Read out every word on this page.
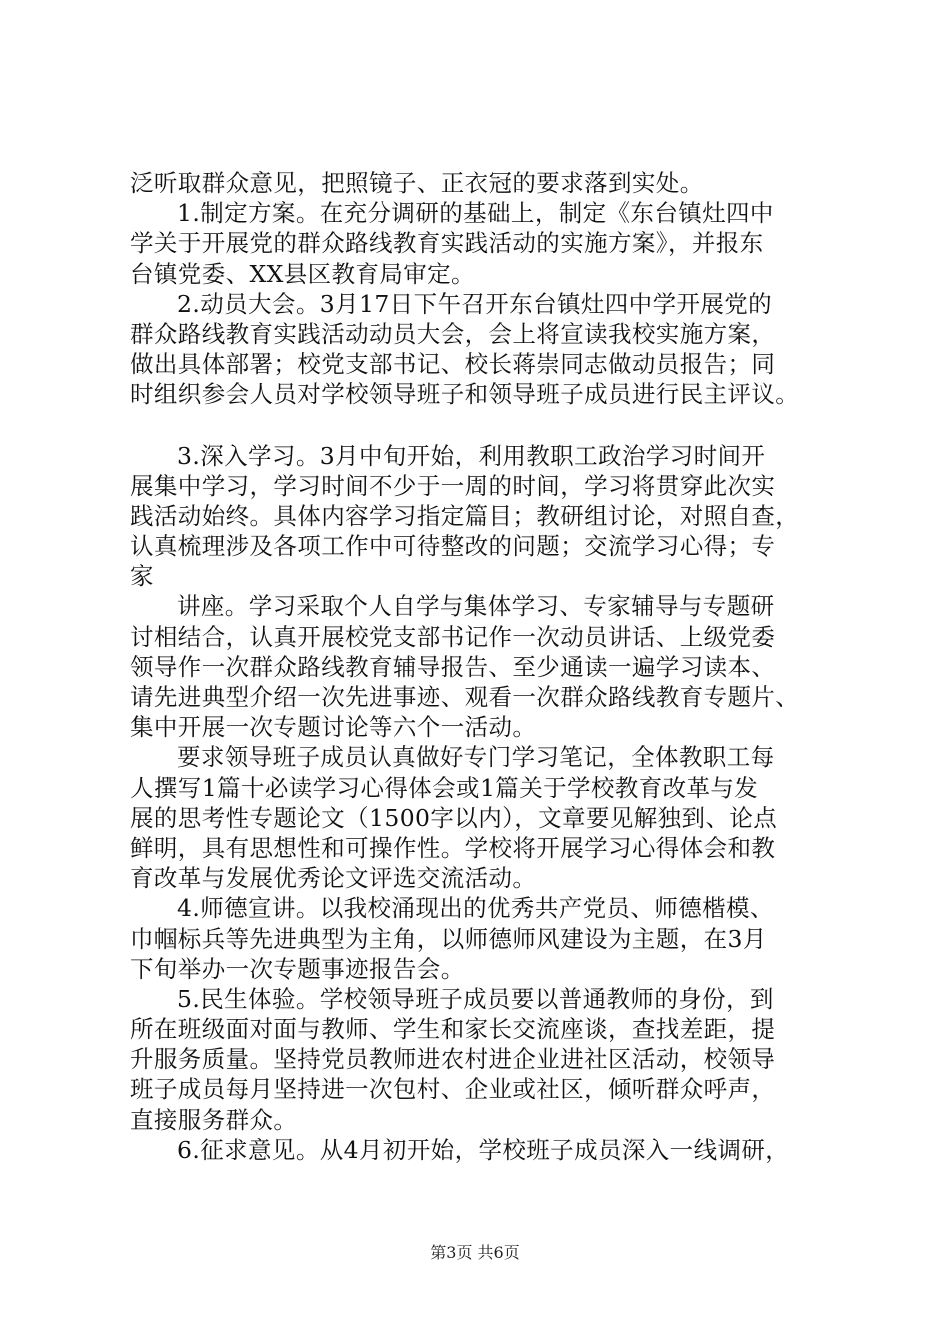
泛听取群众意见，把照镜子、正衣冠的要求落到实处。
1.制定方案。在充分调研的基础上，制定《东台镇灶四中
学关于开展党的群众路线教育实践活动的实施方案》，并报东
台镇党委、XX县区教育局审定。
2.动员大会。3月17日下午召开东台镇灶四中学开展党的
群众路线教育实践活动动员大会，会上将宣读我校实施方案，
做出具体部署；校党支部书记、校长蒋崇同志做动员报告；同
时组织参会人员对学校领导班子和领导班子成员进行民主评议。
3.深入学习。3月中旬开始，利用教职工政治学习时间开
展集中学习，学习时间不少于一周的时间，学习将贯穿此次实
践活动始终。具体内容学习指定篇目；教研组讨论，对照自查，
认真梳理涉及各项工作中可待整改的问题；交流学习心得；专
家
讲座。学习采取个人自学与集体学习、专家辅导与专题研
讨相结合，认真开展校党支部书记作一次动员讲话、上级党委
领导作一次群众路线教育辅导报告、至少通读一遍学习读本、
请先进典型介绍一次先进事迹、观看一次群众路线教育专题片、
集中开展一次专题讨论等六个一活动。
要求领导班子成员认真做好专门学习笔记，全体教职工每
人撰写1篇十必读学习心得体会或1篇关于学校教育改革与发
展的思考性专题论文（1500字以内），文章要见解独到、论点
鲜明，具有思想性和可操作性。学校将开展学习心得体会和教
育改革与发展优秀论文评选交流活动。
4.师德宣讲。以我校涌现出的优秀共产党员、师德楷模、
巾帼标兵等先进典型为主角，以师德师风建设为主题，在3月
下旬举办一次专题事迹报告会。
5.民生体验。学校领导班子成员要以普通教师的身份，到
所在班级面对面与教师、学生和家长交流座谈，查找差距，提
升服务质量。坚持党员教师进农村进企业进社区活动，校领导
班子成员每月坚持进一次包村、企业或社区，倾听群众呼声，
直接服务群众。
6.征求意见。从4月初开始，学校班子成员深入一线调研，
第3页 共6页
